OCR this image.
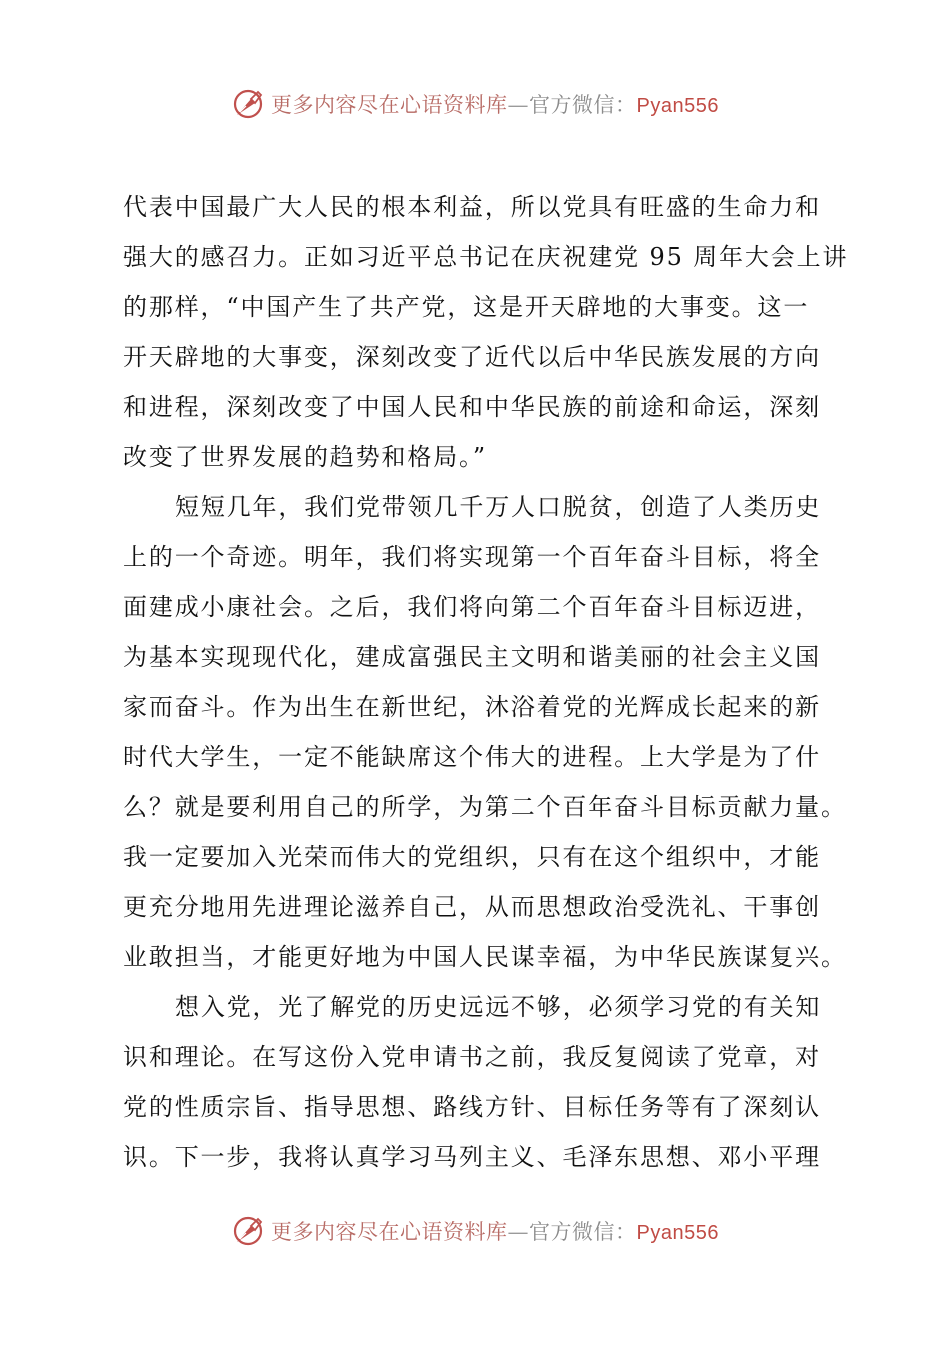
更多内容尽在心语资料库—官方微信：Pyan556
代表中国最广大人民的根本利益，所以党具有旺盛的生命力和
强大的感召力。正如习近平总书记在庆祝建党 95 周年大会上讲
的那样，“中国产生了共产党，这是开天辟地的大事变。这一
开天辟地的大事变，深刻改变了近代以后中华民族发展的方向
和进程，深刻改变了中国人民和中华民族的前途和命运，深刻
改变了世界发展的趋势和格局。”
短短几年，我们党带领几千万人口脱贫，创造了人类历史
上的一个奇迹。明年，我们将实现第一个百年奋斗目标，将全
面建成小康社会。之后，我们将向第二个百年奋斗目标迈进，
为基本实现现代化，建成富强民主文明和谐美丽的社会主义国
家而奋斗。作为出生在新世纪，沐浴着党的光辉成长起来的新
时代大学生，一定不能缺席这个伟大的进程。上大学是为了什
么？就是要利用自己的所学，为第二个百年奋斗目标贡献力量。
我一定要加入光荣而伟大的党组织，只有在这个组织中，才能
更充分地用先进理论滋养自己，从而思想政治受洗礼、干事创
业敢担当，才能更好地为中国人民谋幸福，为中华民族谋复兴。
想入党，光了解党的历史远远不够，必须学习党的有关知
识和理论。在写这份入党申请书之前，我反复阅读了党章，对
党的性质宗旨、指导思想、路线方针、目标任务等有了深刻认
识。下一步，我将认真学习马列主义、毛泽东思想、邓小平理
更多内容尽在心语资料库—官方微信：Pyan556
